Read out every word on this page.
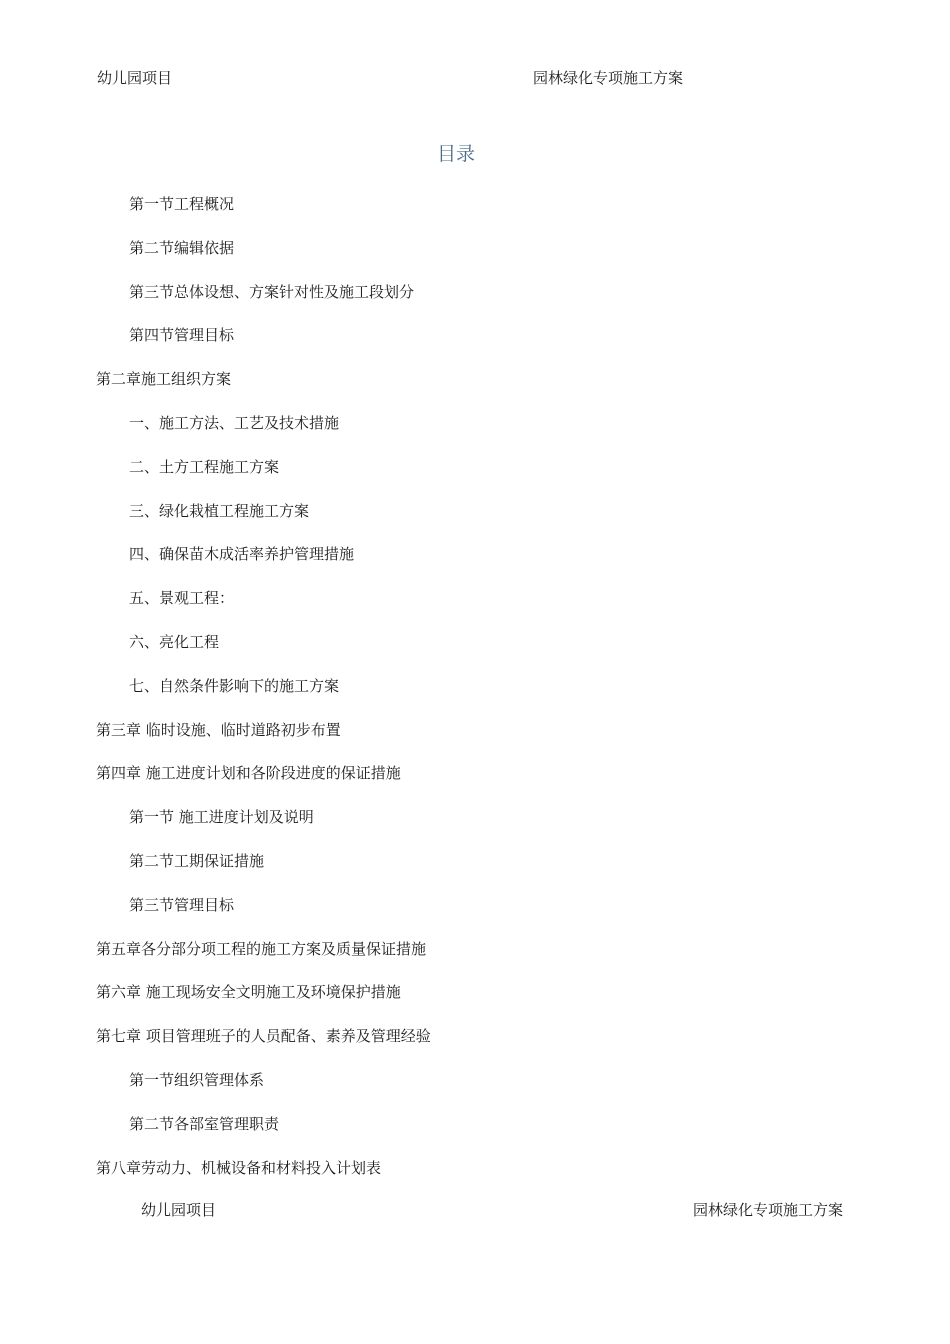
幼儿园项目	园林绿化专项施工方案
目录
第一节工程概况
第二节编辑依据
第三节总体设想、方案针对性及施工段划分
第四节管理目标
第二章施工组织方案
一、施工方法、工艺及技术措施
二、土方工程施工方案
三、绿化栽植工程施工方案
四、确保苗木成活率养护管理措施
五、景观工程：
六、亮化工程
七、自然条件影响下的施工方案
第三章 临时设施、临时道路初步布置
第四章 施工进度计划和各阶段进度的保证措施
第一节 施工进度计划及说明
第二节工期保证措施
第三节管理目标
第五章各分部分项工程的施工方案及质量保证措施
第六章 施工现场安全文明施工及环境保护措施
第七章 项目管理班子的人员配备、素养及管理经验
第一节组织管理体系
第二节各部室管理职责
第八章劳动力、机械设备和材料投入计划表
幼儿园项目	园林绿化专项施工方案
